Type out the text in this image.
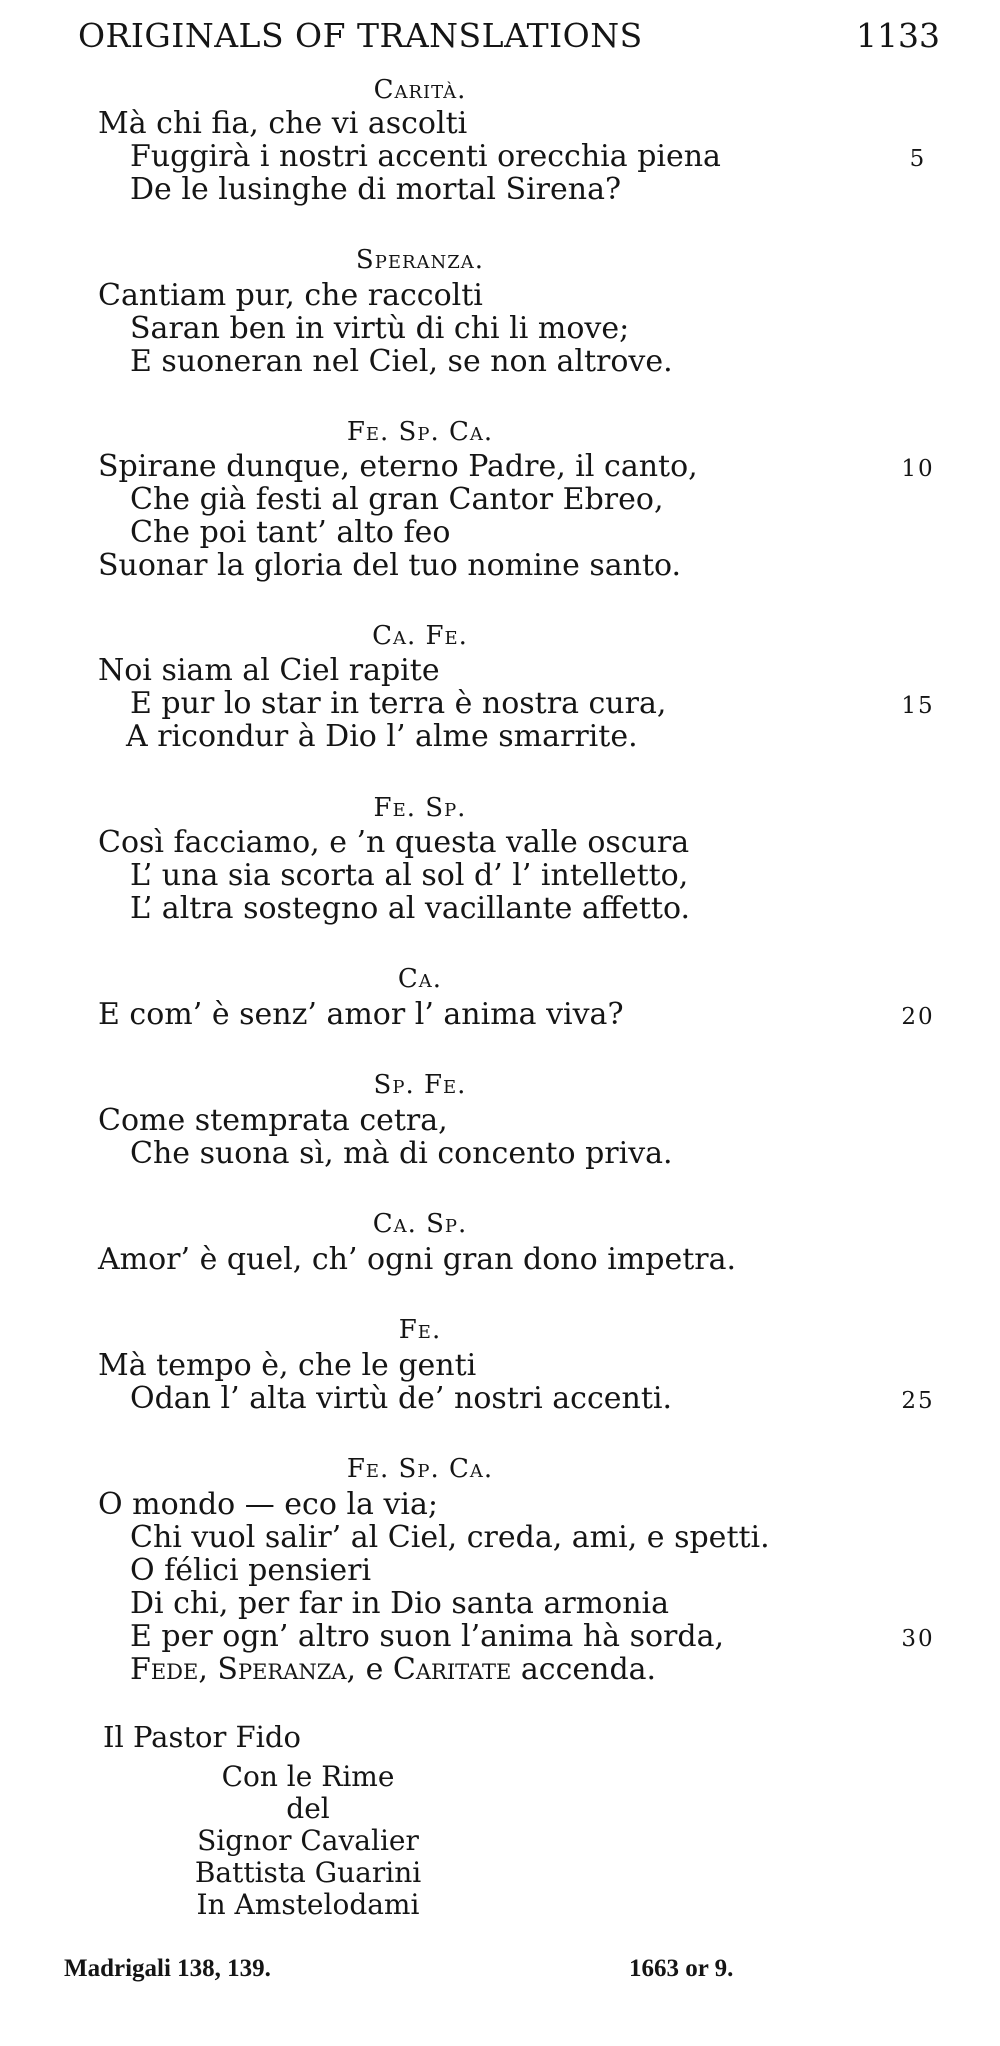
ORIGINALS OF TRANSLATIONS	1133
Carità.
Mà chi fia, che vi ascolti
Fuggirà i nostri accenti orecchia piena	5
De le lusinghe di mortal Sirena?
Speranza.
Cantiam pur, che raccolti
Saran ben in virtù di chi li move;
E suoneran nel Ciel, se non altrove.
Fe. Sp. Ca.
Spirane dunque, eterno Padre, il canto,	10
Che già festi al gran Cantor Ebreo,
Che poi tant’ alto feo
Suonar la gloria del tuo nomine santo.
Ca. Fe.
Noi siam al Ciel rapite
E pur lo star in terra è nostra cura,	15
A ricondur à Dio l’ alme smarrite.
Fe. Sp.
Così facciamo, e ’n questa valle oscura
L’ una sia scorta al sol d’ l’ intelletto,
L’ altra sostegno al vacillante affetto.
Ca.
E com’ è senz’ amor l’ anima viva?	20
Sp. Fe.
Come stemprata cetra,
Che suona sì, mà di concento priva.
Ca. Sp.
Amor’ è quel, ch’ ogni gran dono impetra.
Fe.
Mà tempo è, che le genti
Odan l’ alta virtù de’ nostri accenti.	25
Fe. Sp. Ca.
O mondo — eco la via;
Chi vuol salir’ al Ciel, creda, ami, e spetti.
O félici pensieri
Di chi, per far in Dio santa armonia
E per ogn’ altro suon l’anima hà sorda,	30
Fede, Speranza, e Caritate accenda.
Il Pastor Fido
Con le Rime
del
Signor Cavalier
Battista Guarini
In Amstelodami
Madrigali 138, 139.	1663 or 9.
